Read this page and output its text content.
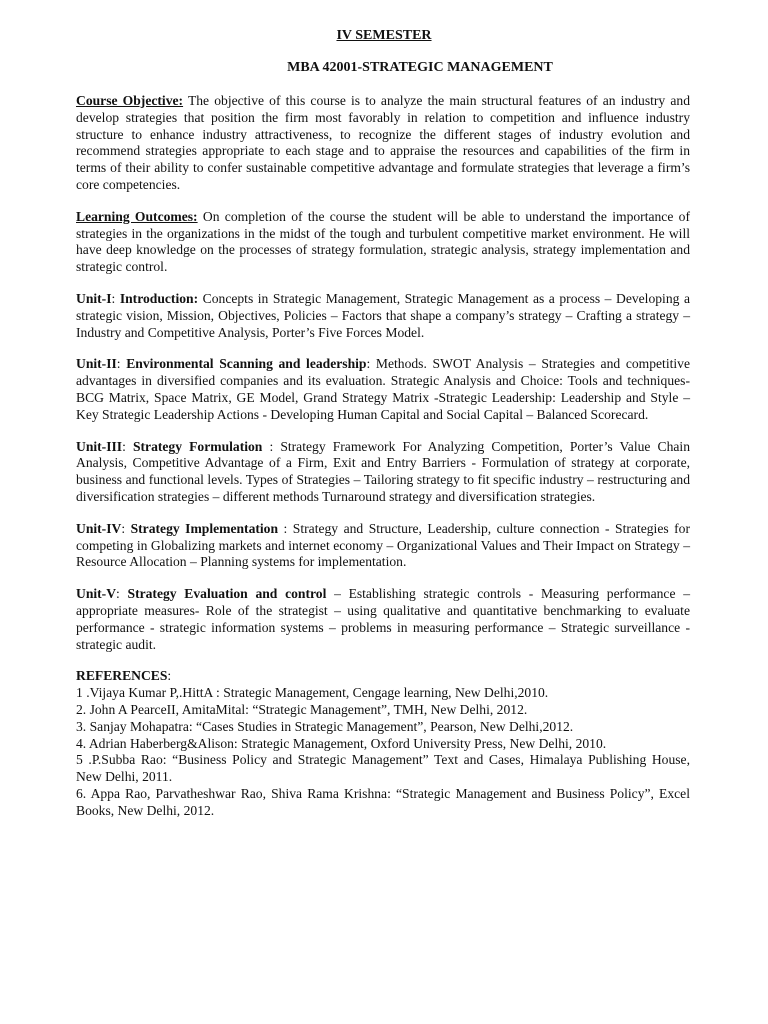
IV SEMESTER
MBA 42001-STRATEGIC MANAGEMENT

Course Objective: The objective of this course is to analyze the main structural features of an industry and develop strategies that position the firm most favorably in relation to competition and influence industry structure to enhance industry attractiveness, to recognize the different stages of industry evolution and recommend strategies appropriate to each stage and to appraise the resources and capabilities of the firm in terms of their ability to confer sustainable competitive advantage and formulate strategies that leverage a firm’s core competencies.

Learning Outcomes: On completion of the course the student will be able to understand the importance of strategies in the organizations in the midst of the tough and turbulent competitive market environment. He will have deep knowledge on the processes of strategy formulation, strategic analysis, strategy implementation and strategic control.

Unit-I: Introduction: Concepts in Strategic Management, Strategic Management as a process – Developing a strategic vision, Mission, Objectives, Policies – Factors that shape a company’s strategy – Crafting a strategy – Industry and Competitive Analysis, Porter’s Five Forces Model.

Unit-II: Environmental Scanning and leadership: Methods. SWOT Analysis – Strategies and competitive advantages in diversified companies and its evaluation. Strategic Analysis and Choice: Tools and techniques- BCG Matrix, Space Matrix, GE Model, Grand Strategy Matrix -Strategic Leadership: Leadership and Style – Key Strategic Leadership Actions - Developing Human Capital and Social Capital – Balanced Scorecard.

Unit-III: Strategy Formulation : Strategy Framework For Analyzing Competition, Porter’s Value Chain Analysis, Competitive Advantage of a Firm, Exit and Entry Barriers - Formulation of strategy at corporate, business and functional levels. Types of Strategies – Tailoring strategy to fit specific industry – restructuring and diversification strategies – different methods Turnaround strategy and diversification strategies.

Unit-IV: Strategy Implementation : Strategy and Structure, Leadership, culture connection - Strategies for competing in Globalizing markets and internet economy – Organizational Values and Their Impact on Strategy – Resource Allocation – Planning systems for implementation.

Unit-V: Strategy Evaluation and control – Establishing strategic controls - Measuring performance – appropriate measures- Role of the strategist – using qualitative and quantitative benchmarking to evaluate performance - strategic information systems – problems in measuring performance – Strategic surveillance -strategic audit.

REFERENCES:

1 .Vijaya Kumar P,.HittA : Strategic Management, Cengage learning, New Delhi,2010.

2. John A PearceII, AmitaMital: “Strategic Management”, TMH, New Delhi, 2012.

3. Sanjay Mohapatra: “Cases Studies in Strategic Management”, Pearson, New Delhi,2012.

4. Adrian Haberberg&Alison: Strategic Management, Oxford University Press, New Delhi, 2010.

5 .P.Subba Rao: “Business Policy and Strategic Management” Text and Cases, Himalaya Publishing House, New Delhi, 2011.

6. Appa Rao, Parvatheshwar Rao, Shiva Rama Krishna: “Strategic Management and Business Policy”, Excel Books, New Delhi, 2012.
